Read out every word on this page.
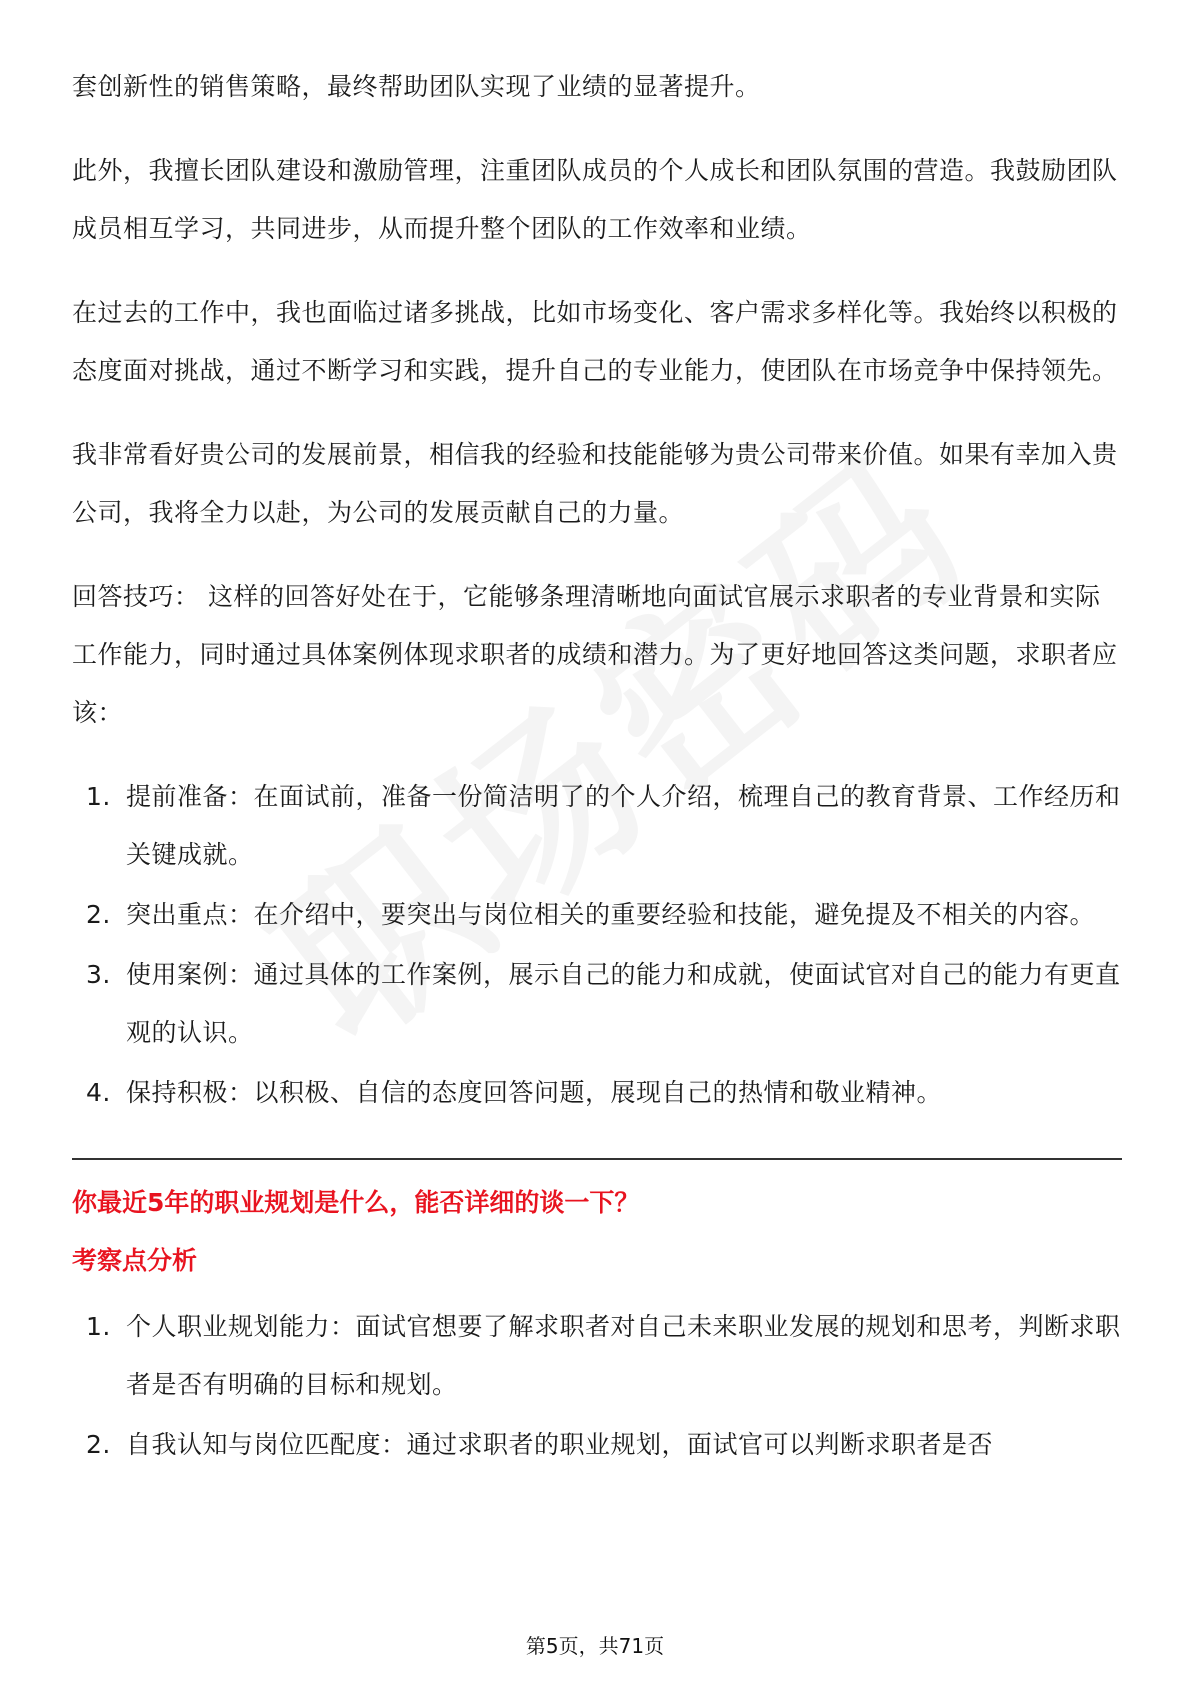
套创新性的销售策略，最终帮助团队实现了业绩的显著提升。

此外，我擅长团队建设和激励管理，注重团队成员的个人成长和团队氛围的营造。我鼓励团队成员相互学习，共同进步，从而提升整个团队的工作效率和业绩。

在过去的工作中，我也面临过诸多挑战，比如市场变化、客户需求多样化等。我始终以积极的态度面对挑战，通过不断学习和实践，提升自己的专业能力，使团队在市场竞争中保持领先。

我非常看好贵公司的发展前景，相信我的经验和技能能够为贵公司带来价值。如果有幸加入贵公司，我将全力以赴，为公司的发展贡献自己的力量。

回答技巧： 这样的回答好处在于，它能够条理清晰地向面试官展示求职者的专业背景和实际工作能力，同时通过具体案例体现求职者的成绩和潜力。为了更好地回答这类问题，求职者应该：

1. 提前准备：在面试前，准备一份简洁明了的个人介绍，梳理自己的教育背景、工作经历和关键成就。
2. 突出重点：在介绍中，要突出与岗位相关的重要经验和技能，避免提及不相关的内容。
3. 使用案例：通过具体的工作案例，展示自己的能力和成就，使面试官对自己的能力有更直观的认识。
4. 保持积极：以积极、自信的态度回答问题，展现自己的热情和敬业精神。

你最近5年的职业规划是什么，能否详细的谈一下？

考察点分析

1. 个人职业规划能力：面试官想要了解求职者对自己未来职业发展的规划和思考，判断求职者是否有明确的目标和规划。
2. 自我认知与岗位匹配度：通过求职者的职业规划，面试官可以判断求职者是否
第5页，共71页
